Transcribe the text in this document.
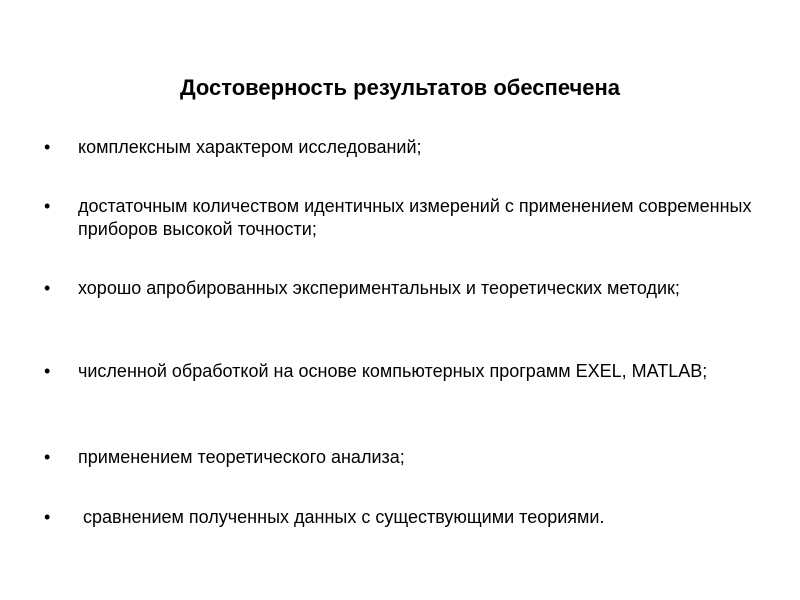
Достоверность результатов обеспечена
•	комплексным характером исследований;
•	достаточным количеством идентичных измерений с применением современных приборов высокой точности;
•	хорошо апробированных экспериментальных и теоретических методик;
•	численной обработкой на основе компьютерных программ EXEL, MATLAB;
•	применением теоретического анализа;
•	сравнением полученных данных с существующими теориями.
